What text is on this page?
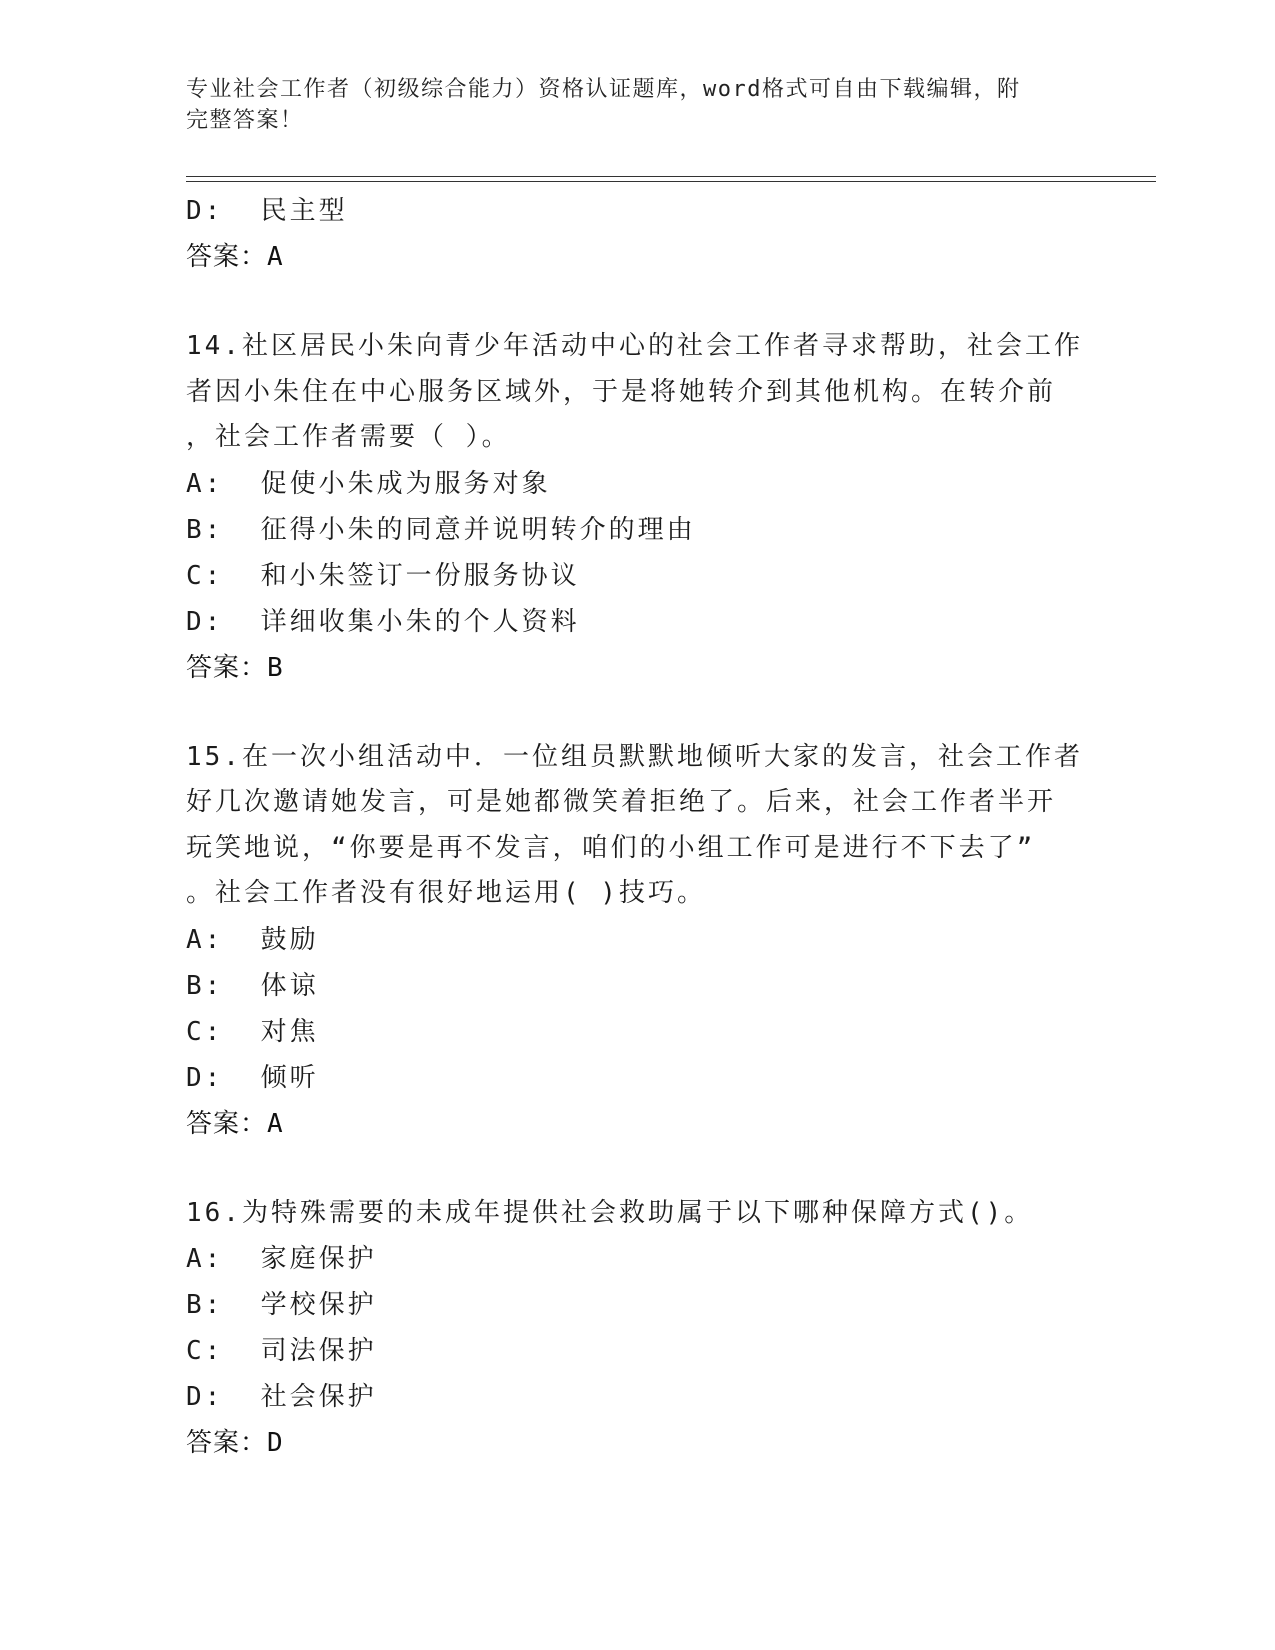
专业社会工作者（初级综合能力）资格认证题库，word格式可自由下载编辑，附
完整答案！
D:  民主型
答案：A
14.社区居民小朱向青少年活动中心的社会工作者寻求帮助，社会工作
者因小朱住在中心服务区域外，于是将她转介到其他机构。在转介前
，社会工作者需要（ ）。
A:  促使小朱成为服务对象
B:  征得小朱的同意并说明转介的理由
C:  和小朱签订一份服务协议
D:  详细收集小朱的个人资料
答案：B
15.在一次小组活动中．一位组员默默地倾听大家的发言，社会工作者
好几次邀请她发言，可是她都微笑着拒绝了。后来，社会工作者半开
玩笑地说，“你要是再不发言，咱们的小组工作可是进行不下去了”
。社会工作者没有很好地运用( )技巧。
A:  鼓励
B:  体谅
C:  对焦
D:  倾听
答案：A
16.为特殊需要的未成年提供社会救助属于以下哪种保障方式()。
A:  家庭保护
B:  学校保护
C:  司法保护
D:  社会保护
答案：D
